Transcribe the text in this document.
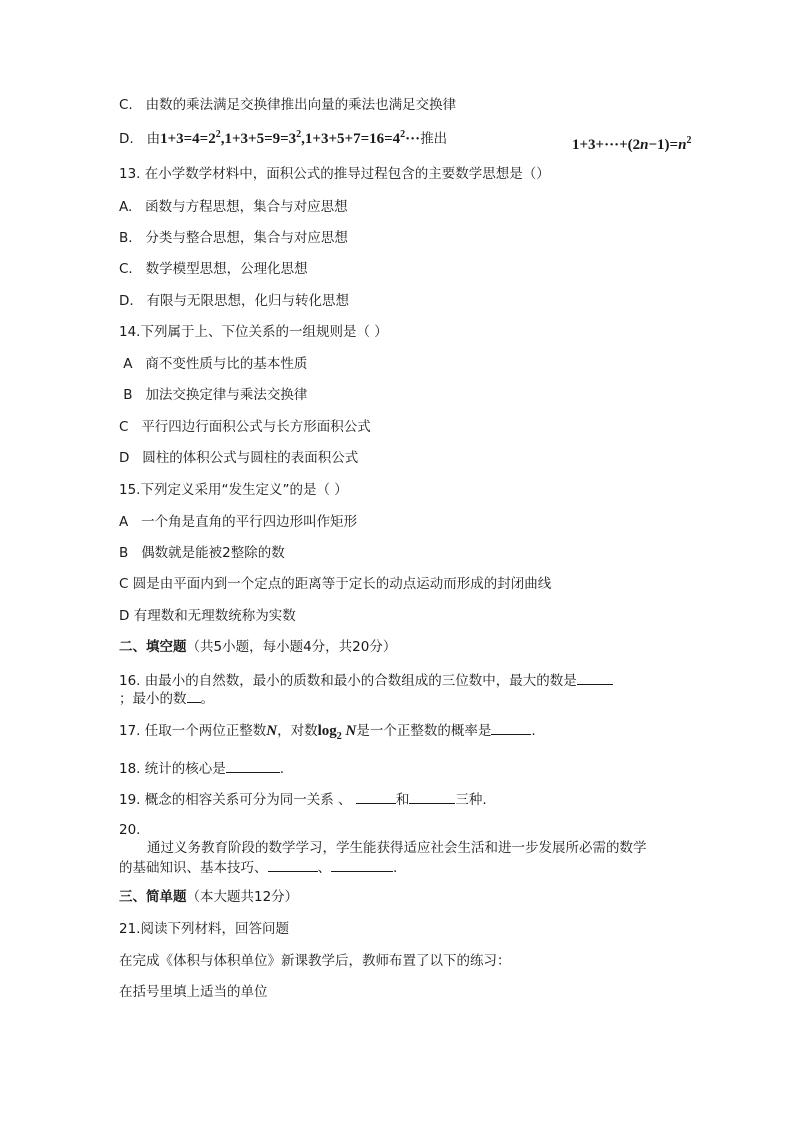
C. 由数的乘法满足交换律推出向量的乘法也满足交换律
D. 由$1+3=4=2^2,1+3+5=9=3^2,1+3+5+7=16=4^2\cdot\cdot\cdot$推出	$1+3+\cdot\cdot\cdot+(2n-1)=n^2$
13. 在小学数学材料中，面积公式的推导过程包含的主要数学思想是（）
A. 函数与方程思想，集合与对应思想
B. 分类与整合思想，集合与对应思想
C. 数学模型思想，公理化思想
D. 有限与无限思想，化归与转化思想
14.下列属于上、下位关系的一组规则是（ ）
A 商不变性质与比的基本性质
B 加法交换定律与乘法交换律
C 平行四边行面积公式与长方形面积公式
D 圆柱的体积公式与圆柱的表面积公式
15.下列定义采用“发生定义”的是（ ）
A 一个角是直角的平行四边形叫作矩形
B 偶数就是能被2整除的数
C 圆是由平面内到一个定点的距离等于定长的动点运动而形成的封闭曲线
D 有理数和无理数统称为实数
二、填空题（共5小题，每小题4分，共20分）
16. 由最小的自然数，最小的质数和最小的合数组成的三位数中，最大的数是
；最小的数 。
17. 任取一个两位正整数N，对数$\log_2 N$是一个正整数的概率是	.
18. 统计的核心是	.
19. 概念的相容关系可分为同一关系 、	和	三种.
20.
通过义务教育阶段的数学学习，学生能获得适应社会生活和进一步发展所必需的数学
的基础知识、基本技巧、	、	.
三、简单题（本大题共12分）
21.阅读下列材料，回答问题
在完成《体积与体积单位》新课教学后，教师布置了以下的练习：
在括号里填上适当的单位
